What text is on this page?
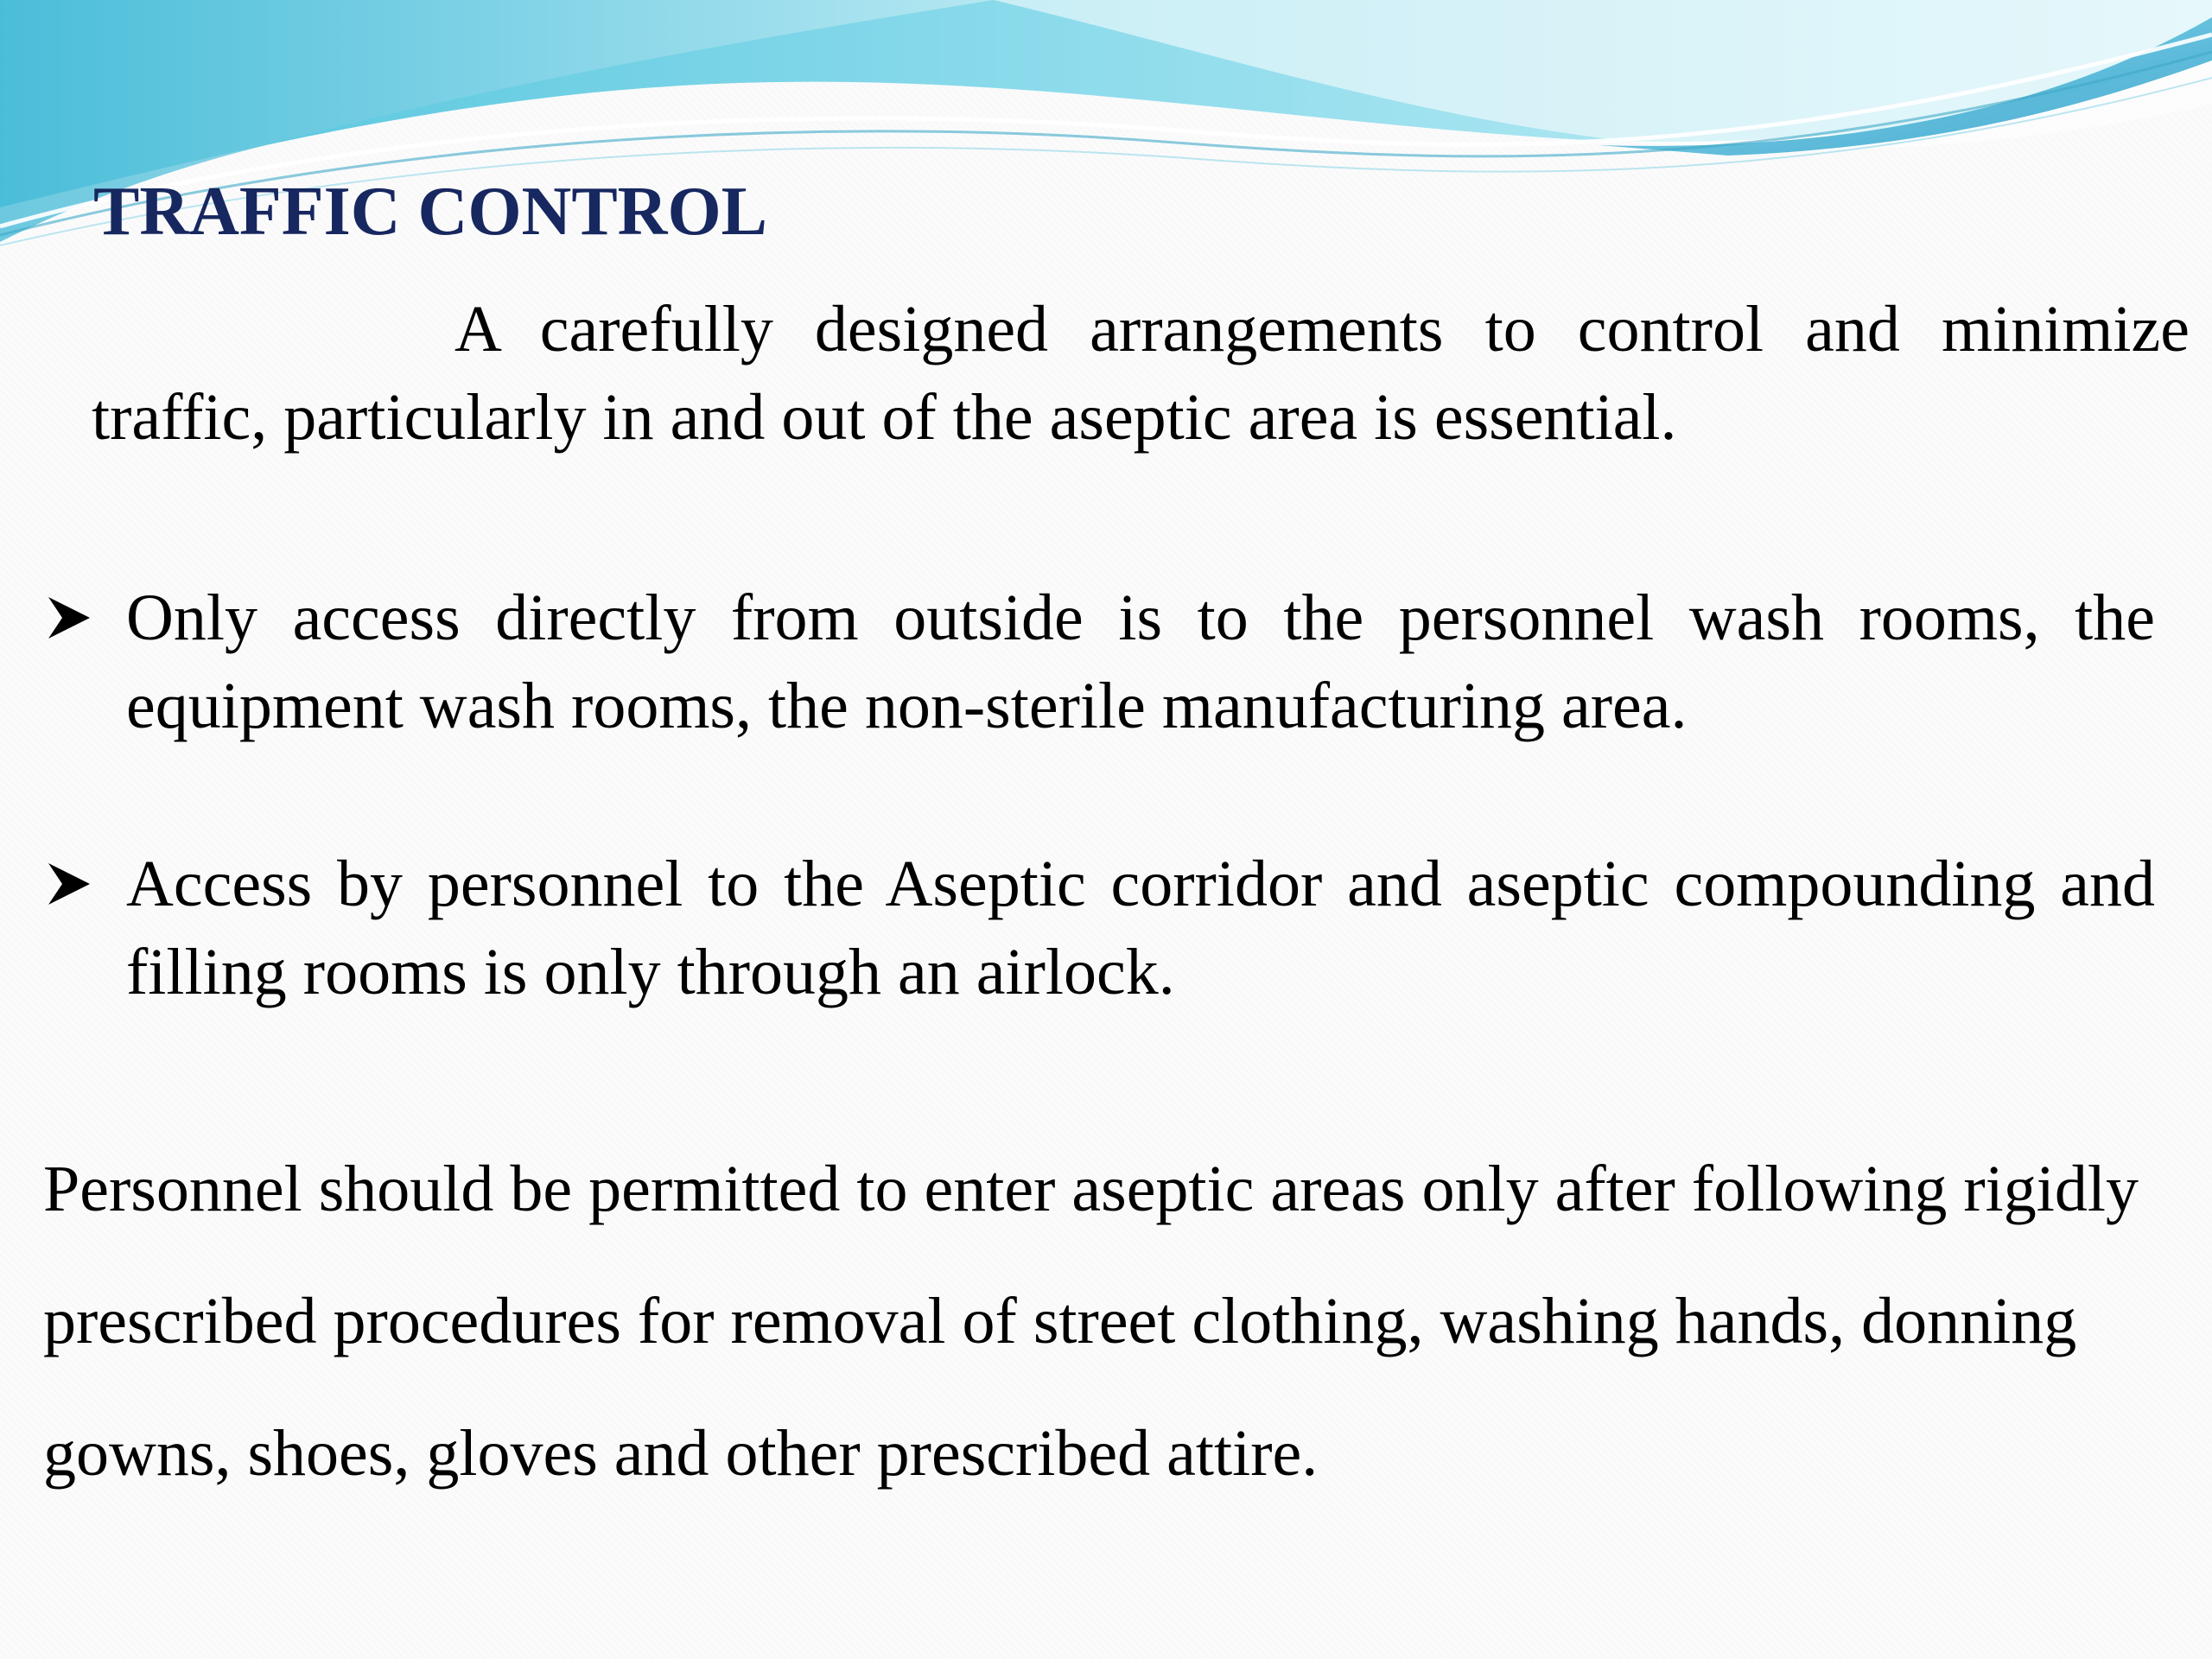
TRAFFIC CONTROL

A carefully designed arrangements to control and minimize traffic, particularly in and out of the aseptic area is essential.

Only access directly from outside is to the personnel wash rooms, the equipment wash rooms, the non-sterile manufacturing area.

Access by personnel to the Aseptic corridor and aseptic compounding and filling rooms is only through an airlock.

Personnel should be permitted to enter aseptic areas only after following rigidly prescribed procedures for removal of street clothing, washing hands, donning gowns, shoes, gloves and other prescribed attire.
